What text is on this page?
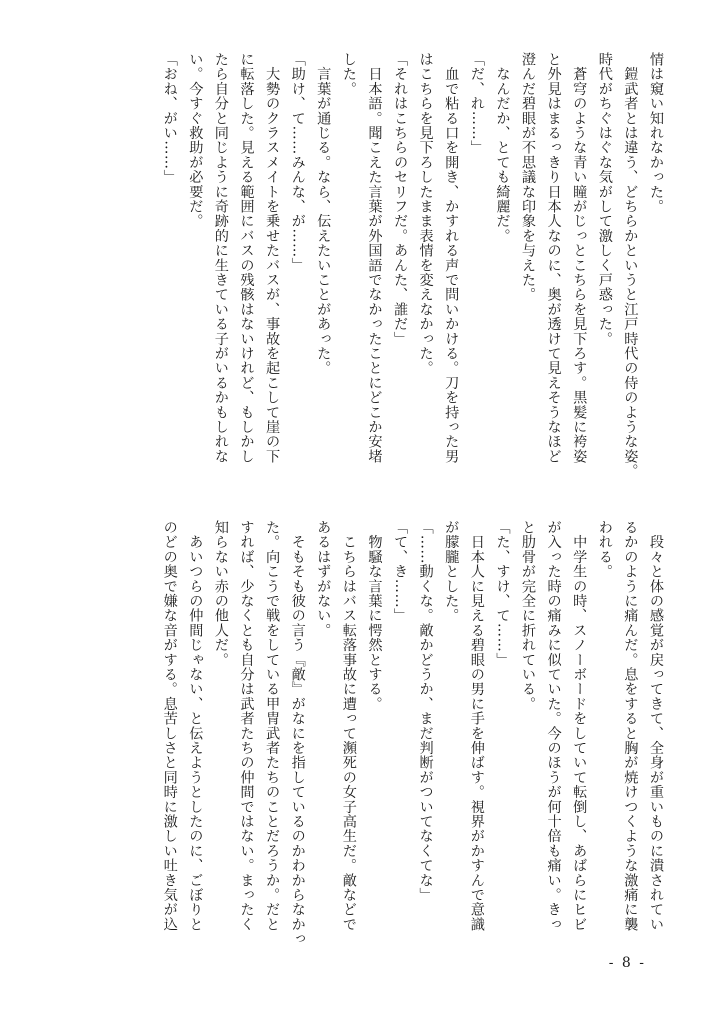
情は窺い知れなかった。
　鎧武者とは違う、どちらかというと江戸時代の侍のような姿。
時代がちぐはぐな気がして激しく戸惑った。
　蒼穹のような青い瞳がじっとこちらを見下ろす。黒髪に袴姿
と外見はまるっきり日本人なのに、奥が透けて見えそうなほど
澄んだ碧眼が不思議な印象を与えた。
　なんだか、とても綺麗だ。
「だ、れ……」
　血で粘る口を開き、かすれる声で問いかける。刀を持った男
はこちらを見下ろしたまま表情を変えなかった。
「それはこちらのセリフだ。あんた、誰だ」
　日本語。聞こえた言葉が外国語でなかったことにどこか安堵
した。
　言葉が通じる。なら、伝えたいことがあった。
「助け、て……みんな、が……」
　大勢のクラスメイトを乗せたバスが、事故を起こして崖の下
に転落した。見える範囲にバスの残骸はないけれど、もしかし
たら自分と同じように奇跡的に生きている子がいるかもしれな
い。今すぐ救助が必要だ。
「おね、がい……」
　段々と体の感覚が戻ってきて、全身が重いものに潰されてい
るかのように痛んだ。息をすると胸が焼けつくような激痛に襲
われる。
　中学生の時、スノーボードをしていて転倒し、あばらにヒビ
が入った時の痛みに似ていた。今のほうが何十倍も痛い。きっ
と肋骨が完全に折れている。
「た、すけ、て……」
　日本人に見える碧眼の男に手を伸ばす。視界がかすんで意識
が朦朧とした。
「……動くな。敵かどうか、まだ判断がついてなくてな」
「て、き……」
　物騒な言葉に愕然とする。
　こちらはバス転落事故に遭って瀕死の女子高生だ。敵などで
あるはずがない。
　そもそも彼の言う『敵』がなにを指しているのかわからなかっ
た。向こうで戦をしている甲冑武者たちのことだろうか。だと
すれば、少なくとも自分は武者たちの仲間ではない。まったく
知らない赤の他人だ。
　あいつらの仲間じゃない、と伝えようとしたのに、ごぼりと
のどの奥で嫌な音がする。息苦しさと同時に激しい吐き気が込
- 8 -
